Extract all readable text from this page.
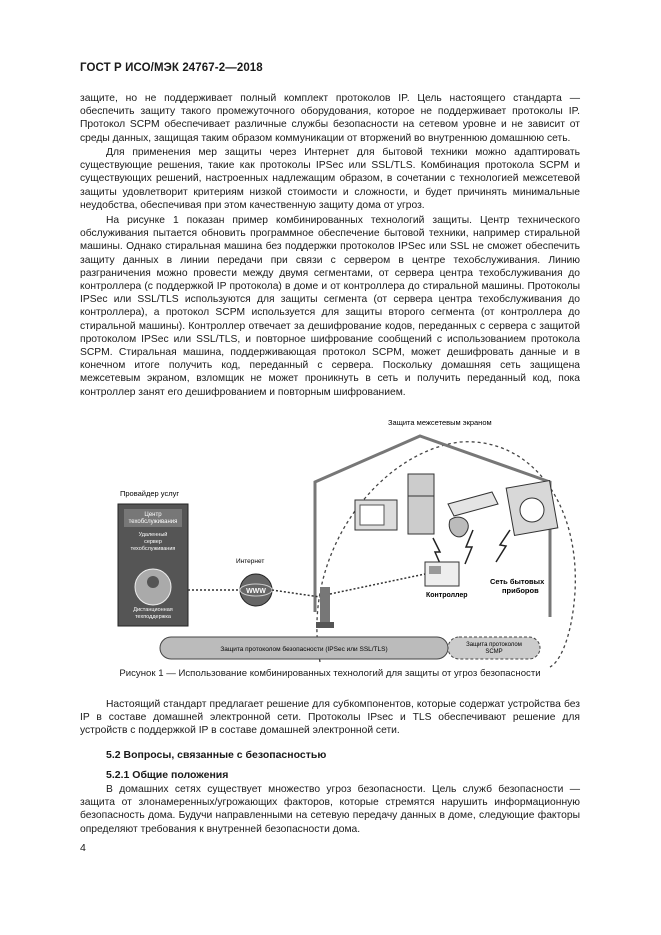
ГОСТ Р ИСО/МЭК 24767-2—2018

защите, но не поддерживает полный комплект протоколов IP. Цель настоящего стандарта — обеспечить защиту такого промежуточного оборудования, которое не поддерживает протоколы IP. Протокол SCPM обеспечивает различные службы безопасности на сетевом уровне и не зависит от среды данных, защищая таким образом коммуникации от вторжений во внутреннюю домашнюю сеть.

Для применения мер защиты через Интернет для бытовой техники можно адаптировать существующие решения, такие как протоколы IPSec или SSL/TLS. Комбинация протокола SCPM и существующих решений, настроенных надлежащим образом, в сочетании с технологией межсетевой защиты удовлетворит критериям низкой стоимости и сложности, и будет причинять минимальные неудобства, обеспечивая при этом качественную защиту дома от угроз.

На рисунке 1 показан пример комбинированных технологий защиты. Центр технического обслуживания пытается обновить программное обеспечение бытовой техники, например стиральной машины. Однако стиральная машина без поддержки протоколов IPSec или SSL не сможет обеспечить защиту данных в линии передачи при связи с сервером в центре техобслуживания. Линию разграничения можно провести между двумя сегментами, от сервера центра техобслуживания до контроллера (с поддержкой IP протокола) в доме и от контроллера до стиральной машины. Протоколы IPSec или SSL/TLS используются для защиты сегмента (от сервера центра техобслуживания до контроллера), а протокол SCPM используется для защиты второго сегмента (от контроллера до стиральной машины). Контроллер отвечает за дешифрование кодов, переданных с сервера с защитой протоколом IPSec или SSL/TLS, и повторное шифрование сообщений с использованием протокола SCPM. Стиральная машина, поддерживающая протокол SCPM, может дешифровать данные и в конечном итоге получить код, переданный с сервера. Поскольку домашняя сеть защищена межсетевым экраном, взломщик не может проникнуть в сеть и получить переданный код, пока контроллер занят его дешифрованием и повторным шифрованием.

Защита межсетевым экраном
Контроллер
Сеть бытовых приборов
Провайдер услуг
Центр техобслуживания
Удаленный сервер техобслуживания
Дистанционная техподдержка
Интернет
WWW
Защита протоколом безопасности (IPSec или SSL/TLS)
Защита протоколом SCMP
Рисунок 1 — Использование комбинированных технологий для защиты от угроз безопасности

Настоящий стандарт предлагает решение для субкомпонентов, которые содержат устройства без IP в составе домашней электронной сети. Протоколы IPsec и TLS обеспечивают решение для устройств с поддержкой IP в составе домашней электронной сети.

5.2 Вопросы, связанные с безопасностью
5.2.1 Общие положения

В домашних сетях существует множество угроз безопасности. Цель служб безопасности — защита от злонамеренных/угрожающих факторов, которые стремятся нарушить информационную безопасность дома. Будучи направленными на сетевую передачу данных в доме, следующие факторы определяют требования к внутренней безопасности дома.

4
